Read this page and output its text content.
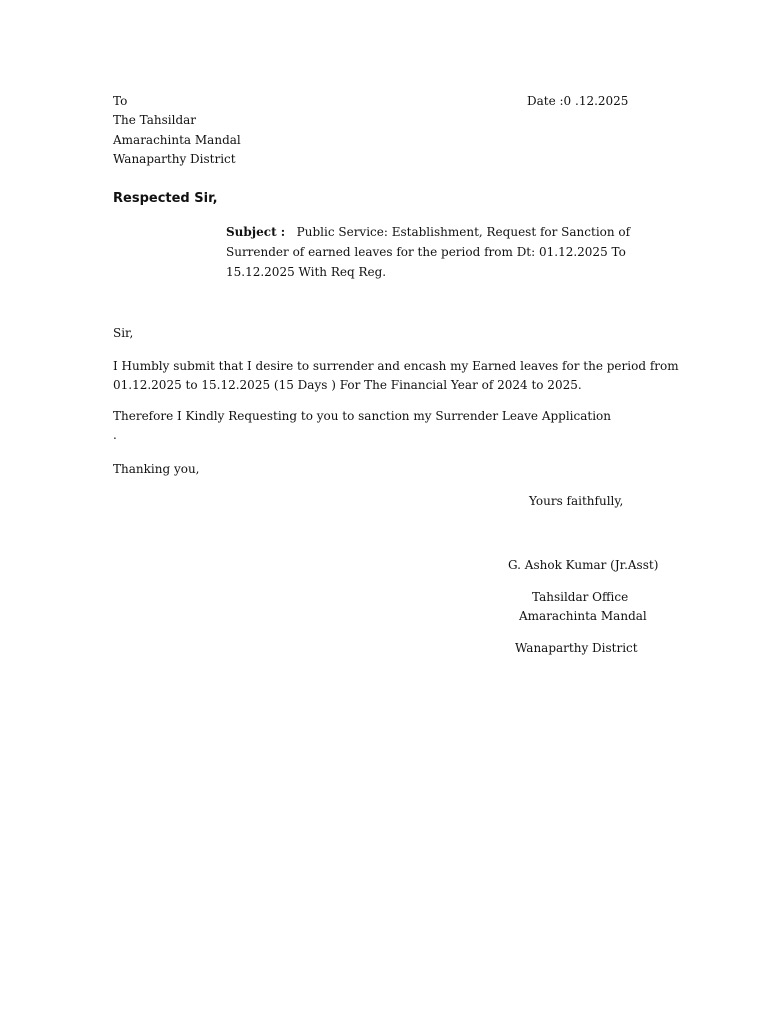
To
The Tahsildar
Amarachinta Mandal
Wanaparthy District
Date :0 .12.2025
Respected Sir,
Subject : Public Service: Establishment, Request for Sanction of Surrender of earned leaves for the period from Dt: 01.12.2025 To 15.12.2025 With Req Reg.
Sir,
I Humbly submit that I desire to surrender and encash my Earned leaves for the period from
01.12.2025 to 15.12.2025 (15 Days ) For The Financial Year of 2024 to 2025.
Therefore I Kindly Requesting to you to sanction my Surrender Leave Application
.
Thanking you,
Yours faithfully,
G. Ashok Kumar (Jr.Asst)
Tahsildar Office
Amarachinta Mandal
Wanaparthy District
